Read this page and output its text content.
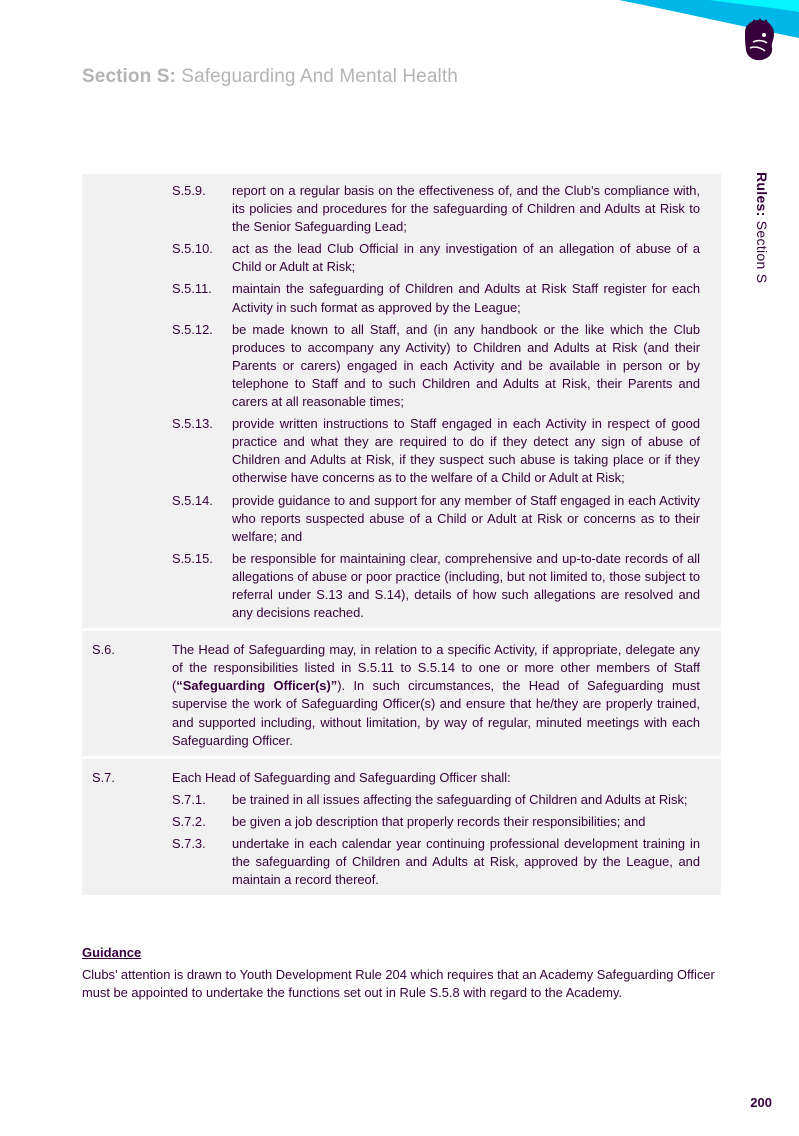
Section S: Safeguarding And Mental Health
Rules: Section S
S.5.9.	report on a regular basis on the effectiveness of, and the Club’s compliance with, its policies and procedures for the safeguarding of Children and Adults at Risk to the Senior Safeguarding Lead;
S.5.10.	act as the lead Club Official in any investigation of an allegation of abuse of a Child or Adult at Risk;
S.5.11.	maintain the safeguarding of Children and Adults at Risk Staff register for each Activity in such format as approved by the League;
S.5.12.	be made known to all Staff, and (in any handbook or the like which the Club produces to accompany any Activity) to Children and Adults at Risk (and their Parents or carers) engaged in each Activity and be available in person or by telephone to Staff and to such Children and Adults at Risk, their Parents and carers at all reasonable times;
S.5.13.	provide written instructions to Staff engaged in each Activity in respect of good practice and what they are required to do if they detect any sign of abuse of Children and Adults at Risk, if they suspect such abuse is taking place or if they otherwise have concerns as to the welfare of a Child or Adult at Risk;
S.5.14.	provide guidance to and support for any member of Staff engaged in each Activity who reports suspected abuse of a Child or Adult at Risk or concerns as to their welfare; and
S.5.15.	be responsible for maintaining clear, comprehensive and up-to-date records of all allegations of abuse or poor practice (including, but not limited to, those subject to referral under S.13 and S.14), details of how such allegations are resolved and any decisions reached.
S.6.	The Head of Safeguarding may, in relation to a specific Activity, if appropriate, delegate any of the responsibilities listed in S.5.11 to S.5.14 to one or more other members of Staff (“Safeguarding Officer(s)”). In such circumstances, the Head of Safeguarding must supervise the work of Safeguarding Officer(s) and ensure that he/they are properly trained, and supported including, without limitation, by way of regular, minuted meetings with each Safeguarding Officer.
S.7.	Each Head of Safeguarding and Safeguarding Officer shall:
S.7.1.	be trained in all issues affecting the safeguarding of Children and Adults at Risk;
S.7.2.	be given a job description that properly records their responsibilities; and
S.7.3.	undertake in each calendar year continuing professional development training in the safeguarding of Children and Adults at Risk, approved by the League, and maintain a record thereof.
Guidance
Clubs’ attention is drawn to Youth Development Rule 204 which requires that an Academy Safeguarding Officer must be appointed to undertake the functions set out in Rule S.5.8 with regard to the Academy.
200
